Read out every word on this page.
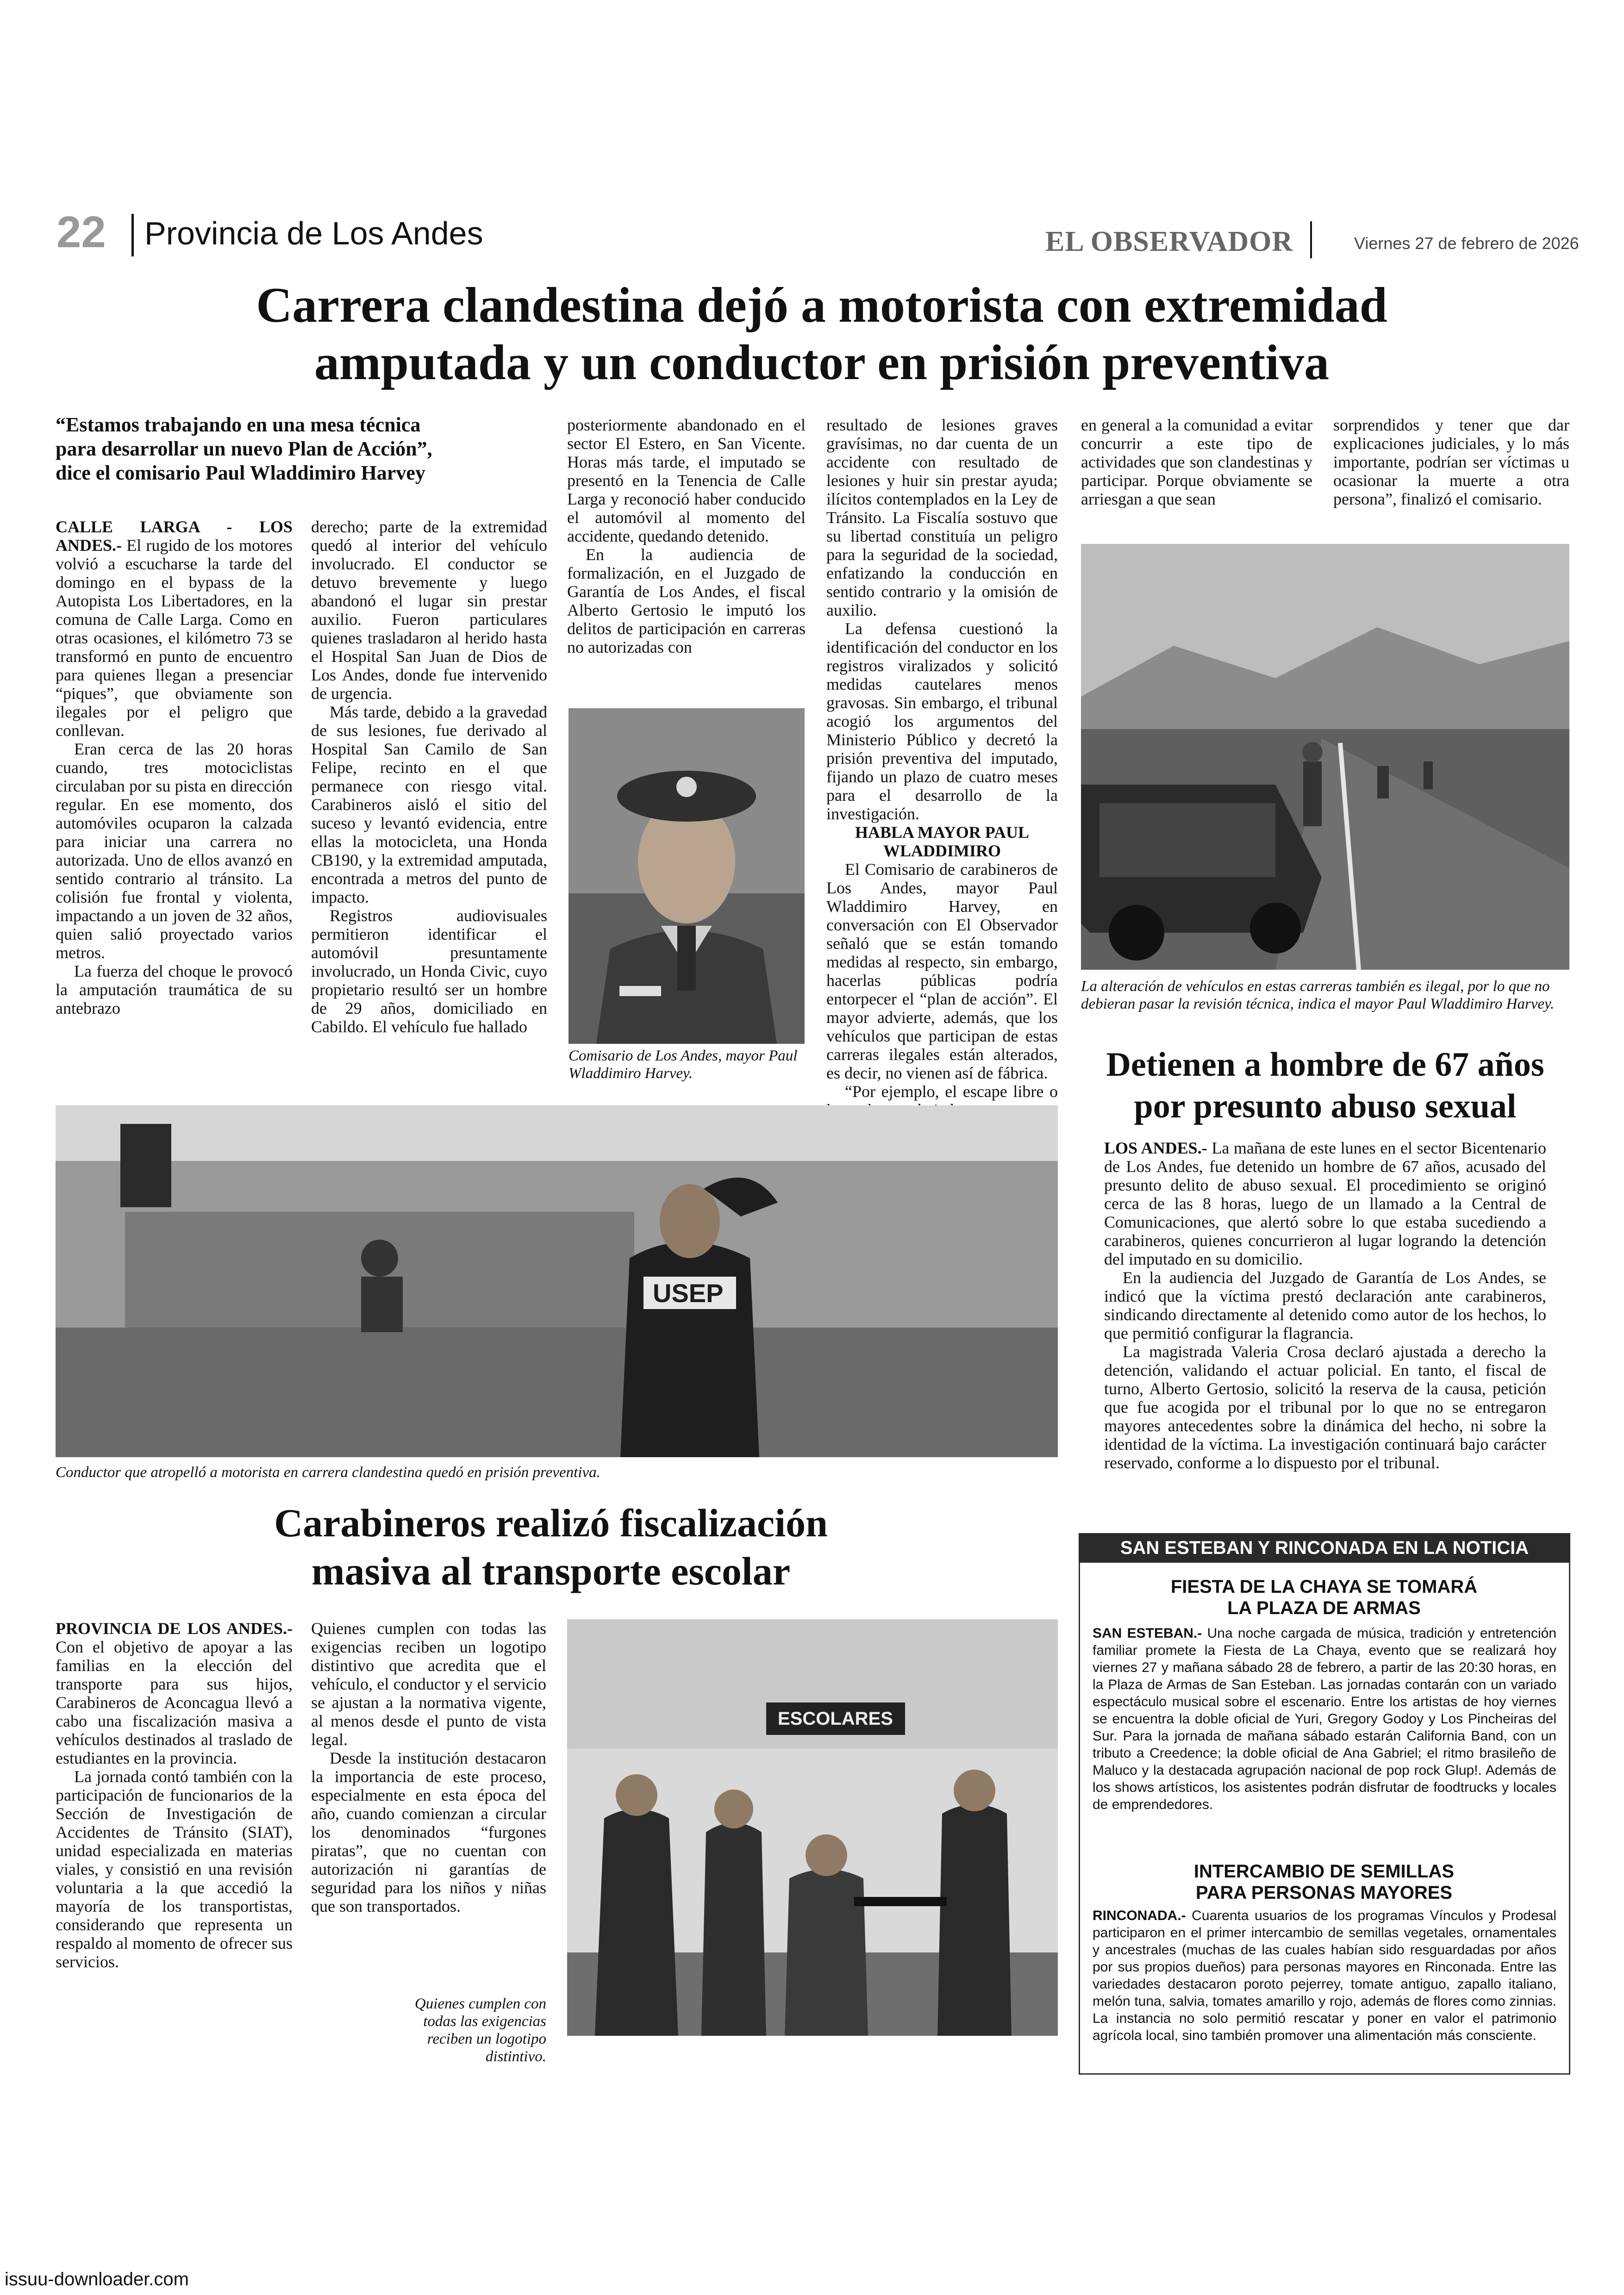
22 Provincia de Los Andes	EL OBSERVADOR	Viernes 27 de febrero de 2026
Carrera clandestina dejó a motorista con extremidad
amputada y un conductor en prisión preventiva
“Estamos trabajando en una mesa técnica
para desarrollar un nuevo Plan de Acción”,
dice el comisario Paul Wladdimiro Harvey

CALLE LARGA - LOS ANDES.- El rugido de los motores volvió a escucharse la tarde del domingo en el bypass de la Autopista Los Libertadores, en la comuna de Calle Larga. Como en otras ocasiones, el kilómetro 73 se transformó en punto de encuentro para quienes llegan a presenciar “piques”, que obviamente son ilegales por el peligro que conllevan.

Eran cerca de las 20 horas cuando, tres motociclistas circulaban por su pista en dirección regular. En ese momento, dos automóviles ocuparon la calzada para iniciar una carrera no autorizada. Uno de ellos avanzó en sentido contrario al tránsito. La colisión fue frontal y violenta, impactando a un joven de 32 años, quien salió proyectado varios metros.

La fuerza del choque le provocó la amputación traumática de su antebrazo

derecho; parte de la extremidad quedó al interior del vehículo involucrado. El conductor se detuvo brevemente y luego abandonó el lugar sin prestar auxilio. Fueron particulares quienes trasladaron al herido hasta el Hospital San Juan de Dios de Los Andes, donde fue intervenido de urgencia.

Más tarde, debido a la gravedad de sus lesiones, fue derivado al Hospital San Camilo de San Felipe, recinto en el que permanece con riesgo vital. Carabineros aisló el sitio del suceso y levantó evidencia, entre ellas la motocicleta, una Honda CB190, y la extremidad amputada, encontrada a metros del punto de impacto.

Registros audiovisuales permitieron identificar el automóvil presuntamente involucrado, un Honda Civic, cuyo propietario resultó ser un hombre de 29 años, domiciliado en Cabildo. El vehículo fue hallado

posteriormente abandonado en el sector El Estero, en San Vicente. Horas más tarde, el imputado se presentó en la Tenencia de Calle Larga y reconoció haber conducido el automóvil al momento del accidente, quedando detenido.

En la audiencia de formalización, en el Juzgado de Garantía de Los Andes, el fiscal Alberto Gertosio le imputó los delitos de participación en carreras no autorizadas con

Comisario de Los Andes, mayor Paul Wladdimiro Harvey.

resultado de lesiones graves gravísimas, no dar cuenta de un accidente con resultado de lesiones y huir sin prestar ayuda; ilícitos contemplados en la Ley de Tránsito. La Fiscalía sostuvo que su libertad constituía un peligro para la seguridad de la sociedad, enfatizando la conducción en sentido contrario y la omisión de auxilio.

La defensa cuestionó la identificación del conductor en los registros viralizados y solicitó medidas cautelares menos gravosas. Sin embargo, el tribunal acogió los argumentos del Ministerio Público y decretó la prisión preventiva del imputado, fijando un plazo de cuatro meses para el desarrollo de la investigación.

HABLA MAYOR PAUL
WLADDIMIRO

El Comisario de carabineros de Los Andes, mayor Paul Wladdimiro Harvey, en conversación con El Observador señaló que se están tomando medidas al respecto, sin embargo, hacerlas públicas podría entorpecer el “plan de acción”. El mayor advierte, además, que los vehículos que participan de estas carreras ilegales están alterados, es decir, no vienen así de fábrica.

“Por ejemplo, el escape libre o

en general a la comunidad a evitar concurrir a este tipo de actividades que son clandestinas y participar. Porque obviamente se arriesgan a que sean

sorprendidos y tener que dar explicaciones judiciales, y lo más importante, podrían ser víctimas u ocasionar la muerte a otra persona”, finalizó el comisario.

La alteración de vehículos en estas carreras también es ilegal, por lo que no debieran pasar la revisión técnica, indica el mayor Paul Wladdimiro Harvey.
USEP
Conductor que atropelló a motorista en carrera clandestina quedó en prisión preventiva.
Detienen a hombre de 67 años
por presunto abuso sexual

LOS ANDES.- La mañana de este lunes en el sector Bicentenario de Los Andes, fue detenido un hombre de 67 años, acusado del presunto delito de abuso sexual. El procedimiento se originó cerca de las 8 horas, luego de un llamado a la Central de Comunicaciones, que alertó sobre lo que estaba sucediendo a carabineros, quienes concurrieron al lugar logrando la detención del imputado en su domicilio.

En la audiencia del Juzgado de Garantía de Los Andes, se indicó que la víctima prestó declaración ante carabineros, sindicando directamente al detenido como autor de los hechos, lo que permitió configurar la flagrancia.

La magistrada Valeria Crosa declaró ajustada a derecho la detención, validando el actuar policial. En tanto, el fiscal de turno, Alberto Gertosio, solicitó la reserva de la causa, petición que fue acogida por el tribunal por lo que no se entregaron mayores antecedentes sobre la dinámica del hecho, ni sobre la identidad de la víctima. La investigación continuará bajo carácter reservado, conforme a lo dispuesto por el tribunal.

Carabineros realizó fiscalización
masiva al transporte escolar

PROVINCIA DE LOS ANDES.- Con el objetivo de apoyar a las familias en la elección del transporte para sus hijos, Carabineros de Aconcagua llevó a cabo una fiscalización masiva a vehículos destinados al traslado de estudiantes en la provincia.

La jornada contó también con la participación de funcionarios de la Sección de Investigación de Accidentes de Tránsito (SIAT), unidad especializada en materias viales, y consistió en una revisión voluntaria a la que accedió la mayoría de los transportistas, considerando que representa un respaldo al momento de ofrecer sus servicios.

Quienes cumplen con todas las exigencias reciben un logotipo distintivo que acredita que el vehículo, el conductor y el servicio se ajustan a la normativa vigente, al menos desde el punto de vista legal.

Desde la institución destacaron la importancia de este proceso, especialmente en esta época del año, cuando comienzan a circular los denominados “furgones piratas”, que no cuentan con autorización ni garantías de seguridad para los niños y niñas que son transportados.

ESCOLARES
Quienes cumplen con todas las exigencias reciben un logotipo distintivo.
SAN ESTEBAN Y RINCONADA EN LA NOTICIA
FIESTA DE LA CHAYA SE TOMARÁ
LA PLAZA DE ARMAS

SAN ESTEBAN.- Una noche cargada de música, tradición y entretención familiar promete la Fiesta de La Chaya, evento que se realizará hoy viernes 27 y mañana sábado 28 de febrero, a partir de las 20:30 horas, en la Plaza de Armas de San Esteban. Las jornadas contarán con un variado espectáculo musical sobre el escenario. Entre los artistas de hoy viernes se encuentra la doble oficial de Yuri, Gregory Godoy y Los Pincheiras del Sur. Para la jornada de mañana sábado estarán California Band, con un tributo a Creedence; la doble oficial de Ana Gabriel; el ritmo brasileño de Maluco y la destacada agrupación nacional de pop rock Glup!. Además de los shows artísticos, los asistentes podrán disfrutar de foodtrucks y locales de emprendedores.

INTERCAMBIO DE SEMILLAS
PARA PERSONAS MAYORES

RINCONADA.- Cuarenta usuarios de los programas Vínculos y Prodesal participaron en el primer intercambio de semillas vegetales, ornamentales y ancestrales (muchas de las cuales habían sido resguardadas por años por sus propios dueños) para personas mayores en Rinconada. Entre las variedades destacaron poroto pejerrey, tomate antiguo, zapallo italiano, melón tuna, salvia, tomates amarillo y rojo, además de flores como zinnias. La instancia no solo permitió rescatar y poner en valor el patrimonio agrícola local, sino también promover una alimentación más consciente.

issuu-downloader.com
